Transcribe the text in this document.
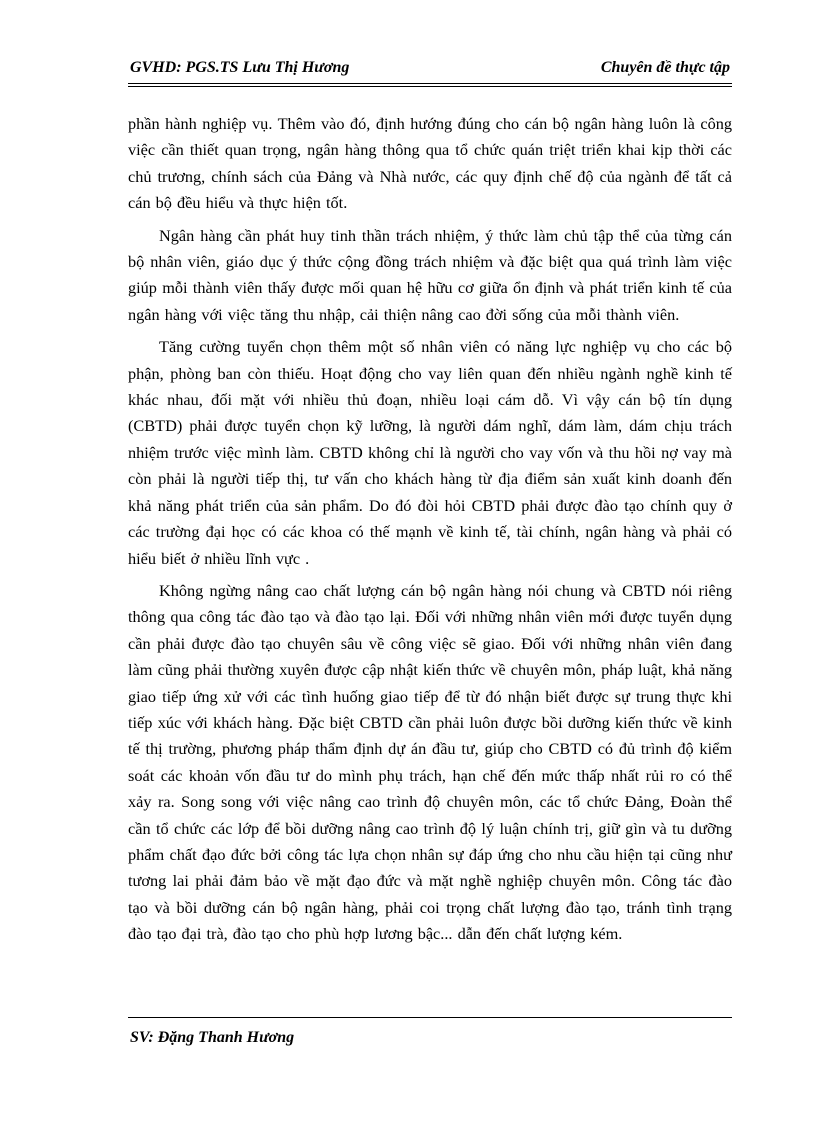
GVHD: PGS.TS Lưu Thị Hương	Chuyên đề thực tập

phần hành nghiệp vụ. Thêm vào đó, định hướng đúng cho cán bộ ngân hàng luôn là công việc cần thiết quan trọng, ngân hàng thông qua tổ chức quán triệt triển khai kịp thời các chủ trương, chính sách của Đảng và Nhà nước, các quy định chế độ của ngành để tất cả cán bộ đều hiểu và thực hiện tốt.

Ngân hàng cần phát huy tinh thần trách nhiệm, ý thức làm chủ tập thể của từng cán bộ nhân viên, giáo dục ý thức cộng đồng trách nhiệm và đặc biệt qua quá trình làm việc giúp mỗi thành viên thấy được mối quan hệ hữu cơ giữa ổn định và phát triển kinh tế của ngân hàng với việc tăng thu nhập, cải thiện nâng cao đời sống của mỗi thành viên.

Tăng cường tuyển chọn thêm một số nhân viên có năng lực nghiệp vụ cho các bộ phận, phòng ban còn thiếu. Hoạt động cho vay liên quan đến nhiều ngành nghề kinh tế khác nhau, đối mặt với nhiều thủ đoạn, nhiều loại cám dỗ. Vì vậy cán bộ tín dụng (CBTD) phải được tuyển chọn kỹ lưỡng, là người dám nghĩ, dám làm, dám chịu trách nhiệm trước việc mình làm. CBTD không chỉ là người cho vay vốn và thu hồi nợ vay mà còn phải là người tiếp thị, tư vấn cho khách hàng từ địa điểm sản xuất kinh doanh đến khả năng phát triển của sản phẩm. Do đó đòi hỏi CBTD phải được đào tạo chính quy ở các trường đại học có các khoa có thế mạnh về kinh tế, tài chính, ngân hàng và phải có hiểu biết ở nhiều lĩnh vực .

Không ngừng nâng cao chất lượng cán bộ ngân hàng nói chung và CBTD nói riêng thông qua công tác đào tạo và đào tạo lại. Đối với những nhân viên mới được tuyển dụng cần phải được đào tạo chuyên sâu về công việc sẽ giao. Đối với những nhân viên đang làm cũng phải thường xuyên được cập nhật kiến thức về chuyên môn, pháp luật, khả năng giao tiếp ứng xử với các tình huống giao tiếp để từ đó nhận biết được sự trung thực khi tiếp xúc với khách hàng. Đặc biệt CBTD cần phải luôn được bồi dưỡng kiến thức về kinh tế thị trường, phương pháp thẩm định dự án đầu tư, giúp cho CBTD có đủ trình độ kiểm soát các khoản vốn đầu tư do mình phụ trách, hạn chế đến mức thấp nhất rủi ro có thể xảy ra. Song song với việc nâng cao trình độ chuyên môn, các tổ chức Đảng, Đoàn thể cần tổ chức các lớp để bồi dưỡng nâng cao trình độ lý luận chính trị, giữ gìn và tu dưỡng phẩm chất đạo đức bởi công tác lựa chọn nhân sự đáp ứng cho nhu cầu hiện tại cũng như tương lai phải đảm bảo về mặt đạo đức và mặt nghề nghiệp chuyên môn. Công tác đào tạo và bồi dưỡng cán bộ ngân hàng, phải coi trọng chất lượng đào tạo, tránh tình trạng đào tạo đại trà, đào tạo cho phù hợp lương bậc... dẫn đến chất lượng kém.

SV: Đặng Thanh Hương
